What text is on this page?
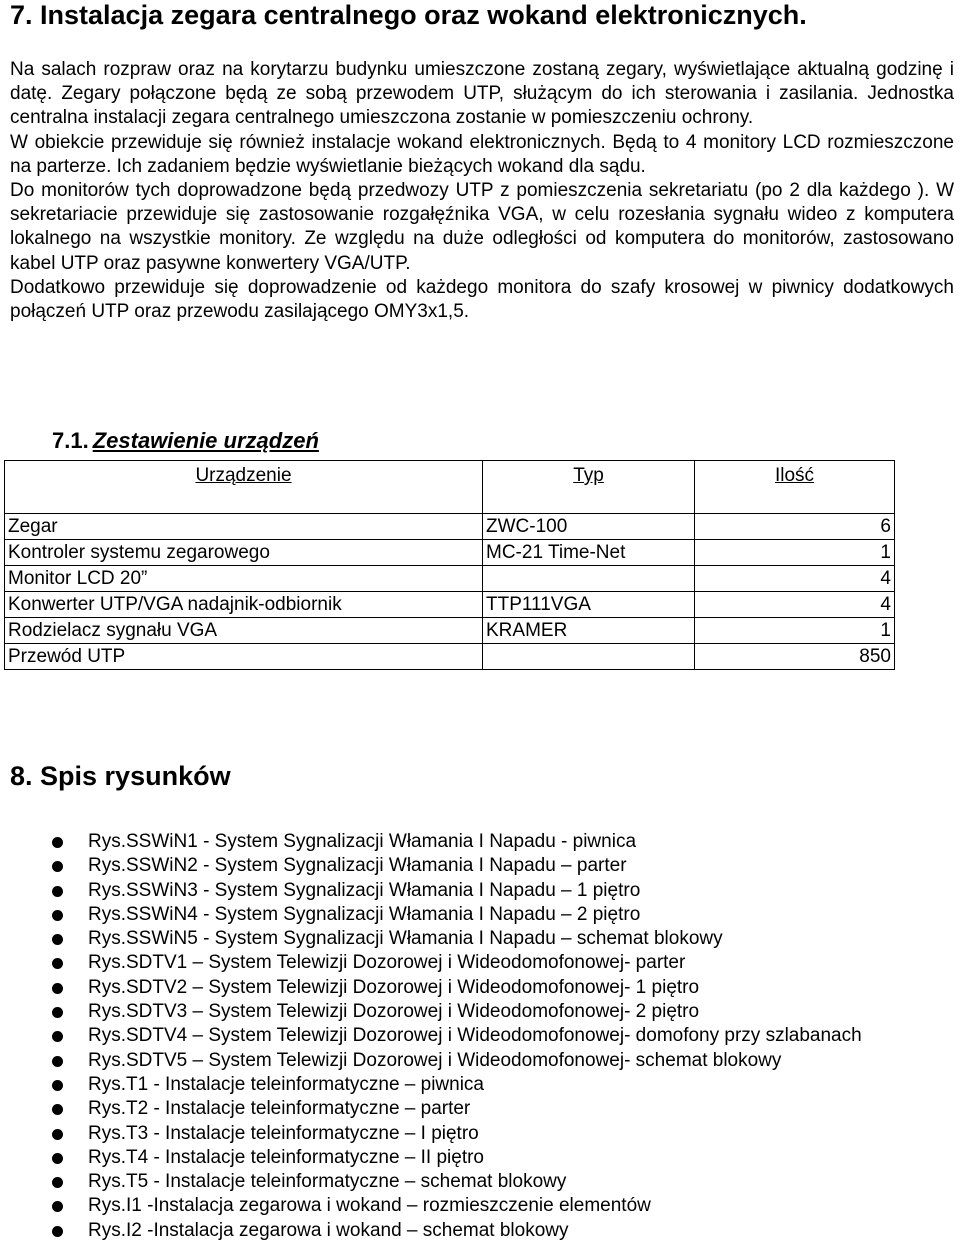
7. Instalacja zegara centralnego oraz wokand elektronicznych.

Na salach rozpraw oraz na korytarzu budynku umieszczone zostaną zegary, wyświetlające aktualną godzinę i datę. Zegary połączone będą ze sobą przewodem UTP, służącym do ich sterowania i zasilania. Jednostka centralna instalacji zegara centralnego umieszczona zostanie w pomieszczeniu ochrony.

W obiekcie przewiduje się również instalacje wokand elektronicznych. Będą to 4 monitory LCD rozmieszczone na parterze. Ich zadaniem będzie wyświetlanie bieżących wokand dla sądu.

Do monitorów tych doprowadzone będą przedwozy UTP z pomieszczenia sekretariatu (po 2 dla każdego ). W sekretariacie przewiduje się zastosowanie rozgałęźnika VGA, w celu rozesłania sygnału wideo z komputera lokalnego na wszystkie monitory. Ze względu na duże odległości od komputera do monitorów, zastosowano kabel UTP oraz pasywne konwertery VGA/UTP.

Dodatkowo przewiduje się doprowadzenie od każdego monitora do szafy krosowej w piwnicy dodatkowych połączeń UTP oraz przewodu zasilającego OMY3x1,5.

7.1. Zestawienie urządzeń
Urządzenie	Typ	Ilość

Zegar	ZWC-100	6
Kontroler systemu zegarowego	MC-21 Time-Net	1
Monitor LCD 20”		4
Konwerter UTP/VGA nadajnik-odbiornik	TTP111VGA	4
Rodzielacz sygnału VGA	KRAMER	1
Przewód UTP		850
8. Spis rysunków
Rys.SSWiN1 - System Sygnalizacji Włamania I Napadu - piwnica
Rys.SSWiN2 - System Sygnalizacji Włamania I Napadu – parter
Rys.SSWiN3 - System Sygnalizacji Włamania I Napadu – 1 piętro
Rys.SSWiN4 - System Sygnalizacji Włamania I Napadu – 2 piętro
Rys.SSWiN5 - System Sygnalizacji Włamania I Napadu – schemat blokowy
Rys.SDTV1 – System Telewizji Dozorowej i Wideodomofonowej- parter
Rys.SDTV2 – System Telewizji Dozorowej i Wideodomofonowej- 1 piętro
Rys.SDTV3 – System Telewizji Dozorowej i Wideodomofonowej- 2 piętro
Rys.SDTV4 – System Telewizji Dozorowej i Wideodomofonowej- domofony przy szlabanach
Rys.SDTV5 – System Telewizji Dozorowej i Wideodomofonowej- schemat blokowy
Rys.T1 - Instalacje teleinformatyczne – piwnica
Rys.T2 - Instalacje teleinformatyczne – parter
Rys.T3 - Instalacje teleinformatyczne – I piętro
Rys.T4 - Instalacje teleinformatyczne – II piętro
Rys.T5 - Instalacje teleinformatyczne – schemat blokowy
Rys.I1 -Instalacja zegarowa i wokand – rozmieszczenie elementów
Rys.I2 -Instalacja zegarowa i wokand – schemat blokowy
